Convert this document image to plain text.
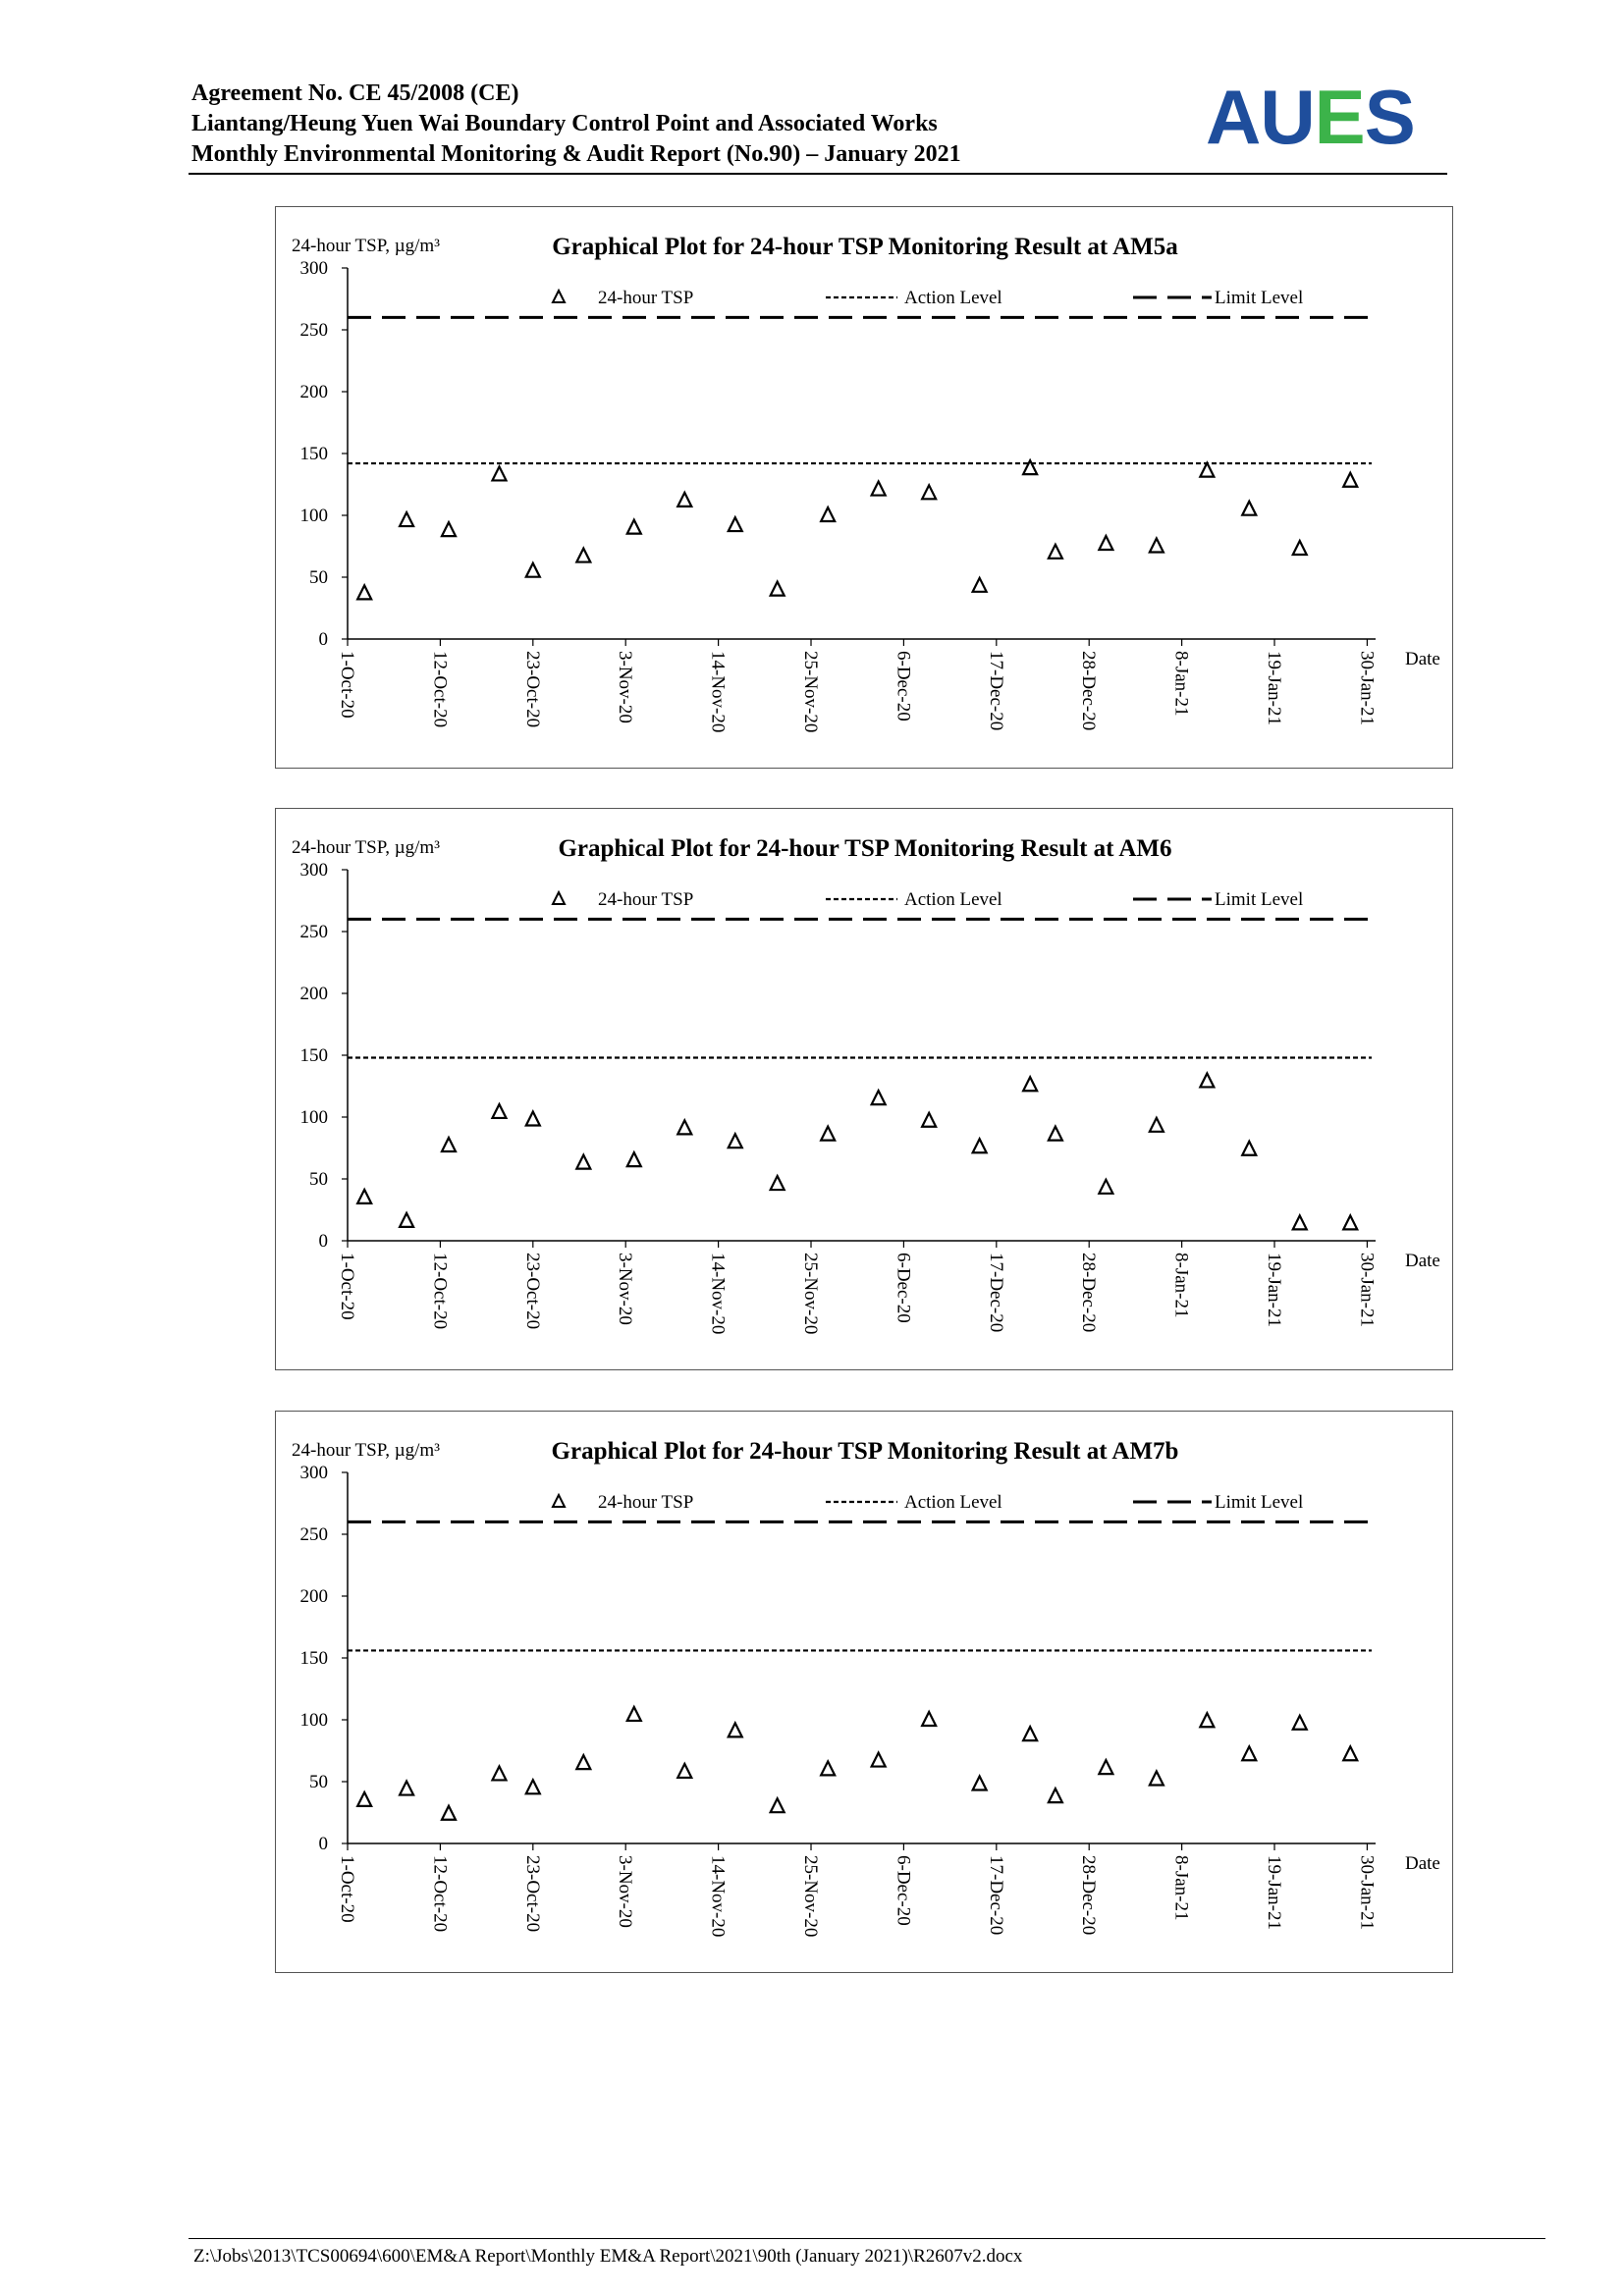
Agreement No. CE 45/2008 (CE)
Liantang/Heung Yuen Wai Boundary Control Point and Associated Works
Monthly Environmental Monitoring & Audit Report (No.90) – January 2021	AUES
24-hour TSP, µg/m³	Graphical Plot for 24-hour TSP Monitoring Result at AM5a
0
50
100
150
200
250
300
1-Oct-20	12-Oct-20	23-Oct-20	3-Nov-20	14-Nov-20	25-Nov-20	6-Dec-20	17-Dec-20	28-Dec-20	8-Jan-21	19-Jan-21	30-Jan-21 Date
24-hour TSP	Action Level	Limit Level
24-hour TSP, µg/m³	Graphical Plot for 24-hour TSP Monitoring Result at AM6
0
50
100
150
200
250
300
1-Oct-20	12-Oct-20	23-Oct-20	3-Nov-20	14-Nov-20	25-Nov-20	6-Dec-20	17-Dec-20	28-Dec-20	8-Jan-21	19-Jan-21	30-Jan-21 Date
24-hour TSP	Action Level	Limit Level
24-hour TSP, µg/m³	Graphical Plot for 24-hour TSP Monitoring Result at AM7b
0
50
100
150
200
250
300
1-Oct-20	12-Oct-20	23-Oct-20	3-Nov-20	14-Nov-20	25-Nov-20	6-Dec-20	17-Dec-20	28-Dec-20	8-Jan-21	19-Jan-21	30-Jan-21 Date
24-hour TSP	Action Level	Limit Level
Z:\Jobs\2013\TCS00694\600\EM&A Report\Monthly EM&A Report\2021\90th (January 2021)\R2607v2.docx
